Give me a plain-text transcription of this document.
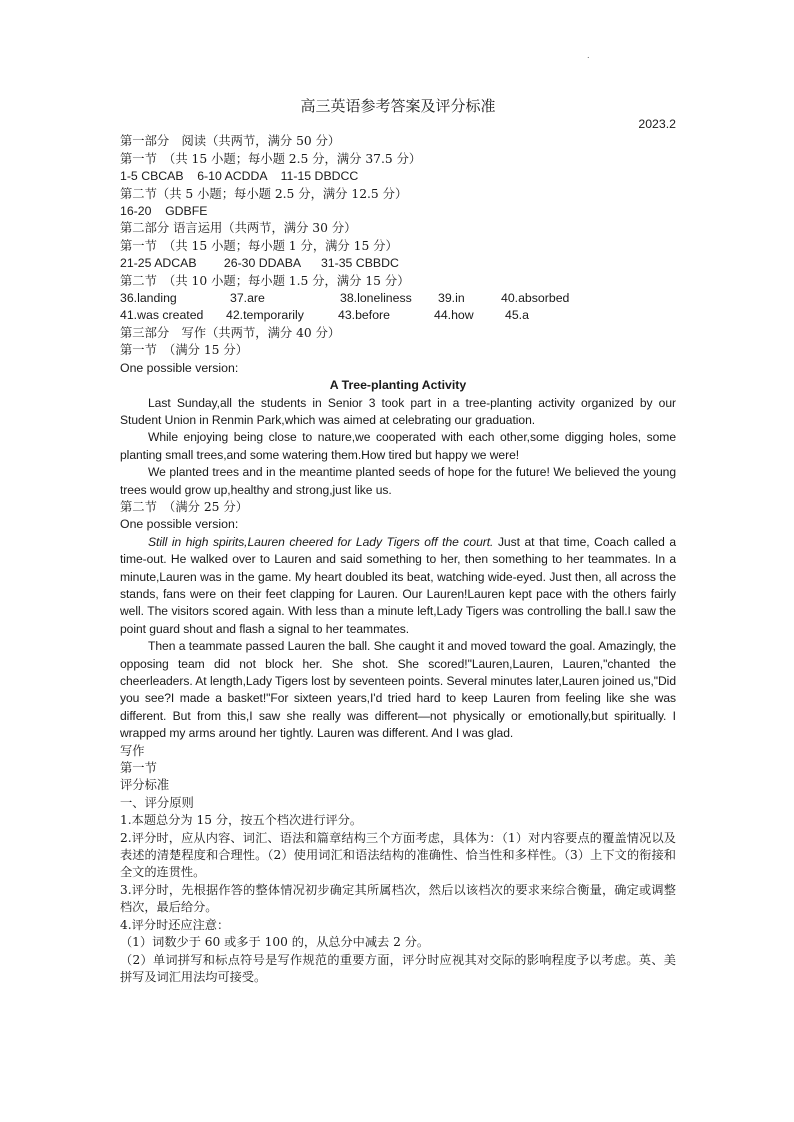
.
高三英语参考答案及评分标准
2023.2
第一部分　阅读（共两节，满分 50 分）
第一节　（共 15 小题；每小题 2.5 分，满分 37.5 分）
1-5 CBCAB    6-10 ACDDA    11-15 DBDCC
第二节（共 5 小题；每小题 2.5 分，满分 12.5 分）
16-20    GDBFE
第二部分 语言运用（共两节，满分 30 分）
第一节　（共 15 小题；每小题 1 分，满分 15 分）
21-25 ADCAB        26-30 DDABA      31-35 CBBDC
第二节　（共 10 小题；每小题 1.5 分，满分 15 分）
36.landing	37.are	38.loneliness	39.in	40.absorbed
41.was created	42.temporarily	43.before	44.how	45.a
第三部分　写作（共两节，满分 40 分）
第一节　（满分 15 分）
One possible version:
A Tree-planting Activity
Last Sunday,all the students in Senior 3 took part in a tree-planting activity organized by our Student Union in Renmin Park,which was aimed at celebrating our graduation.
While enjoying being close to nature,we cooperated with each other,some digging holes, some planting small trees,and some watering them.How tired but happy we were!
We planted trees and in the meantime planted seeds of hope for the future! We believed the young trees would grow up,healthy and strong,just like us.
第二节　（满分 25 分）
One possible version:
Still in high spirits,Lauren cheered for Lady Tigers off the court. Just at that time, Coach called a time-out. He walked over to Lauren and said something to her, then something to her teammates. In a minute,Lauren was in the game. My heart doubled its beat, watching wide-eyed. Just then, all across the stands, fans were on their feet clapping for Lauren. Our Lauren!Lauren kept pace with the others fairly well. The visitors scored again. With less than a minute left,Lady Tigers was controlling the ball.I saw the point guard shout and flash a signal to her teammates.
Then a teammate passed Lauren the ball. She caught it and moved toward the goal. Amazingly, the opposing team did not block her. She shot. She scored!"Lauren,Lauren, Lauren,"chanted the cheerleaders. At length,Lady Tigers lost by seventeen points. Several minutes later,Lauren joined us,"Did you see?I made a basket!"For sixteen years,I'd tried hard to keep Lauren from feeling like she was different. But from this,I saw she really was different—not physically or emotionally,but spiritually. I wrapped my arms around her tightly. Lauren was different. And I was glad.
写作
第一节
评分标准
一、评分原则
1.本题总分为 15 分，按五个档次进行评分。
2.评分时，应从内容、词汇、语法和篇章结构三个方面考虑，具体为：（1）对内容要点的覆盖情况以及表述的清楚程度和合理性。（2）使用词汇和语法结构的准确性、恰当性和多样性。（3）上下文的衔接和全文的连贯性。
3.评分时，先根据作答的整体情况初步确定其所属档次，然后以该档次的要求来综合衡量，确定或调整档次，最后给分。
4.评分时还应注意：
（1）词数少于 60 或多于 100 的，从总分中减去 2 分。
（2）单词拼写和标点符号是写作规范的重要方面，评分时应视其对交际的影响程度予以考虑。英、美拼写及词汇用法均可接受。
